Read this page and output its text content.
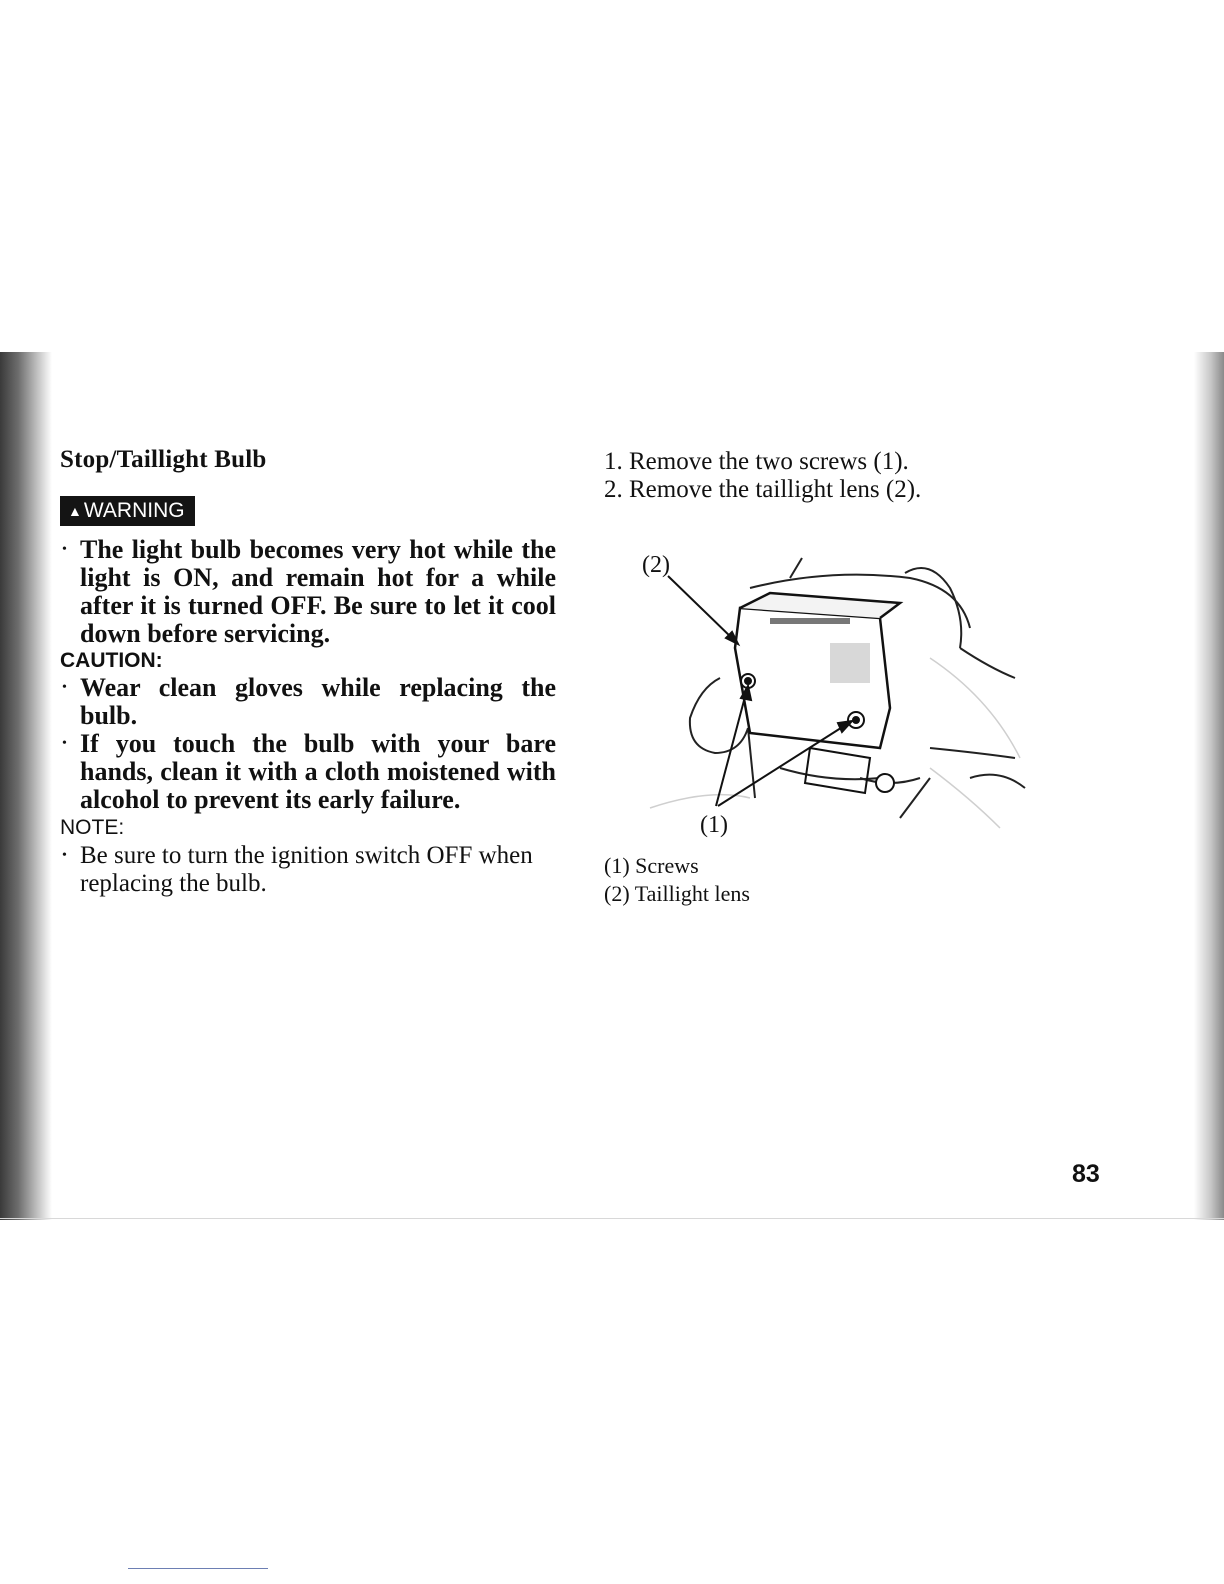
Stop/Taillight Bulb
▲WARNING

• The light bulb becomes very hot while the light is ON, and remain hot for a while after it is turned OFF. Be sure to let it cool down before servicing.

CAUTION:

• Wear clean gloves while replacing the bulb.

• If you touch the bulb with your bare hands, clean it with a cloth moistened with alcohol to prevent its early failure.

NOTE:

• Be sure to turn the ignition switch OFF when replacing the bulb.

1. Remove the two screws (1).
2. Remove the taillight lens (2).
(2)
(1)
(1) Screws
(2) Taillight lens
83
